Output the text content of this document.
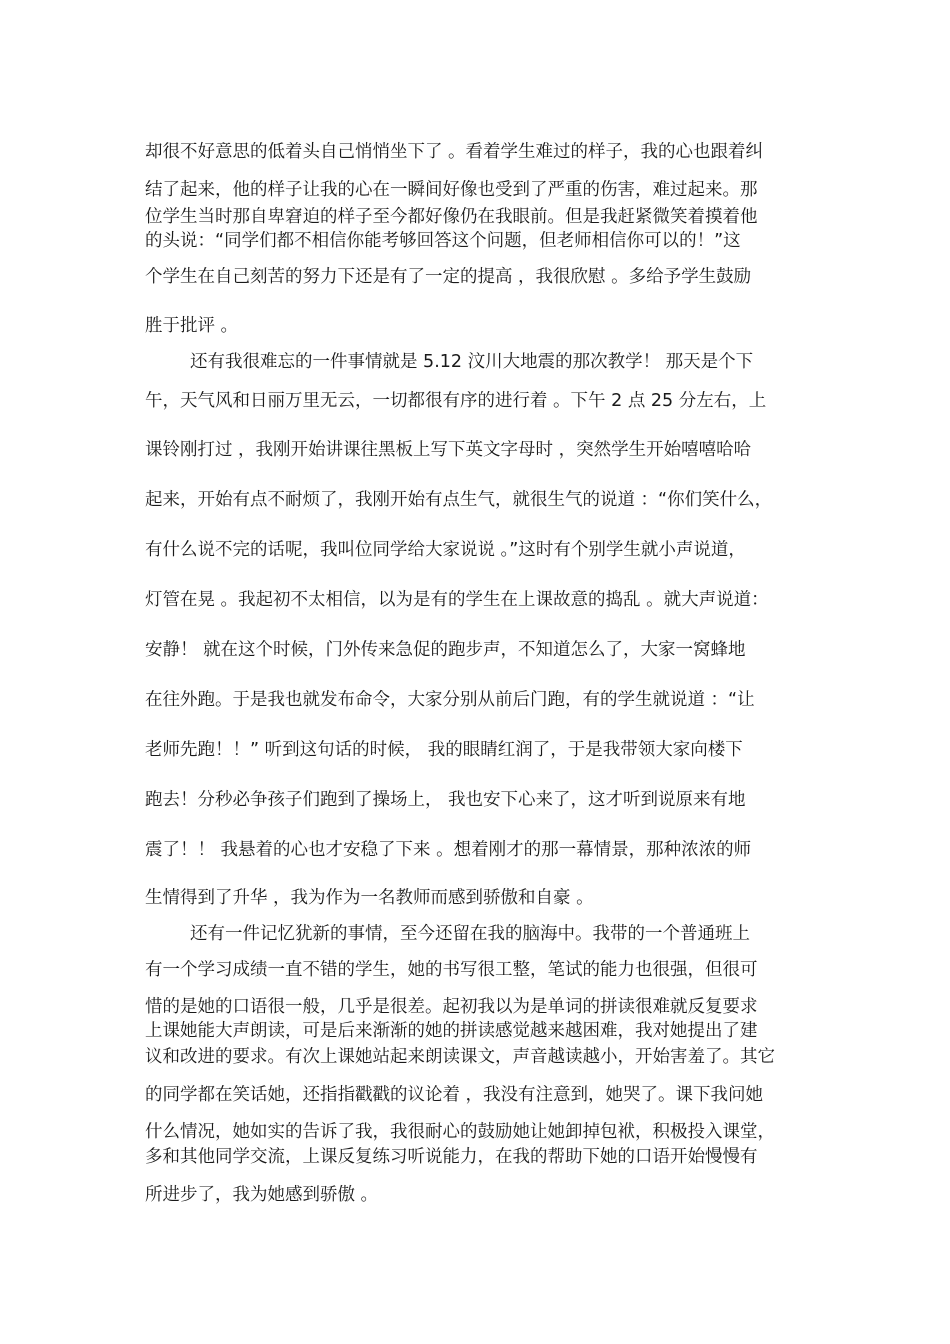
却很不好意思的低着头自己悄悄坐下了 。看着学生难过的样子，我的心也跟着纠
结了起来，他的样子让我的心在一瞬间好像也受到了严重的伤害，难过起来。那
位学生当时那自卑窘迫的样子至今都好像仍在我眼前。但是我赶紧微笑着摸着他
的头说：“同学们都不相信你能考够回答这个问题，但老师相信你可以的！”这
个学生在自己刻苦的努力下还是有了一定的提高 ，我很欣慰 。多给予学生鼓励
胜于批评 。
还有我很难忘的一件事情就是 5.12 汶川大地震的那次教学！ 那天是个下
午，天气风和日丽万里无云，一切都很有序的进行着 。下午 2 点 25 分左右，上
课铃刚打过 ，我刚开始讲课往黑板上写下英文字母时 ，突然学生开始嘻嘻哈哈
起来，开始有点不耐烦了，我刚开始有点生气，就很生气的说道 ：“你们笑什么，
有什么说不完的话呢，我叫位同学给大家说说 。”这时有个别学生就小声说道，
灯管在晃 。我起初不太相信，以为是有的学生在上课故意的捣乱 。就大声说道：
安静！ 就在这个时候，门外传来急促的跑步声，不知道怎么了，大家一窝蜂地
在往外跑。于是我也就发布命令，大家分别从前后门跑，有的学生就说道 ：“让
老师先跑！！” 听到这句话的时候， 我的眼睛红润了，于是我带领大家向楼下
跑去！分秒必争孩子们跑到了操场上， 我也安下心来了，这才听到说原来有地
震了！！ 我悬着的心也才安稳了下来 。想着刚才的那一幕情景，那种浓浓的师
生情得到了升华 ，我为作为一名教师而感到骄傲和自豪 。
还有一件记忆犹新的事情，至今还留在我的脑海中。我带的一个普通班上
有一个学习成绩一直不错的学生，她的书写很工整，笔试的能力也很强，但很可
惜的是她的口语很一般，几乎是很差。起初我以为是单词的拼读很难就反复要求
上课她能大声朗读，可是后来渐渐的她的拼读感觉越来越困难，我对她提出了建
议和改进的要求。有次上课她站起来朗读课文，声音越读越小，开始害羞了。其它
的同学都在笑话她，还指指戳戳的议论着 ，我没有注意到，她哭了。课下我问她
什么情况，她如实的告诉了我，我很耐心的鼓励她让她卸掉包袱，积极投入课堂，
多和其他同学交流，上课反复练习听说能力，在我的帮助下她的口语开始慢慢有
所进步了，我为她感到骄傲 。
